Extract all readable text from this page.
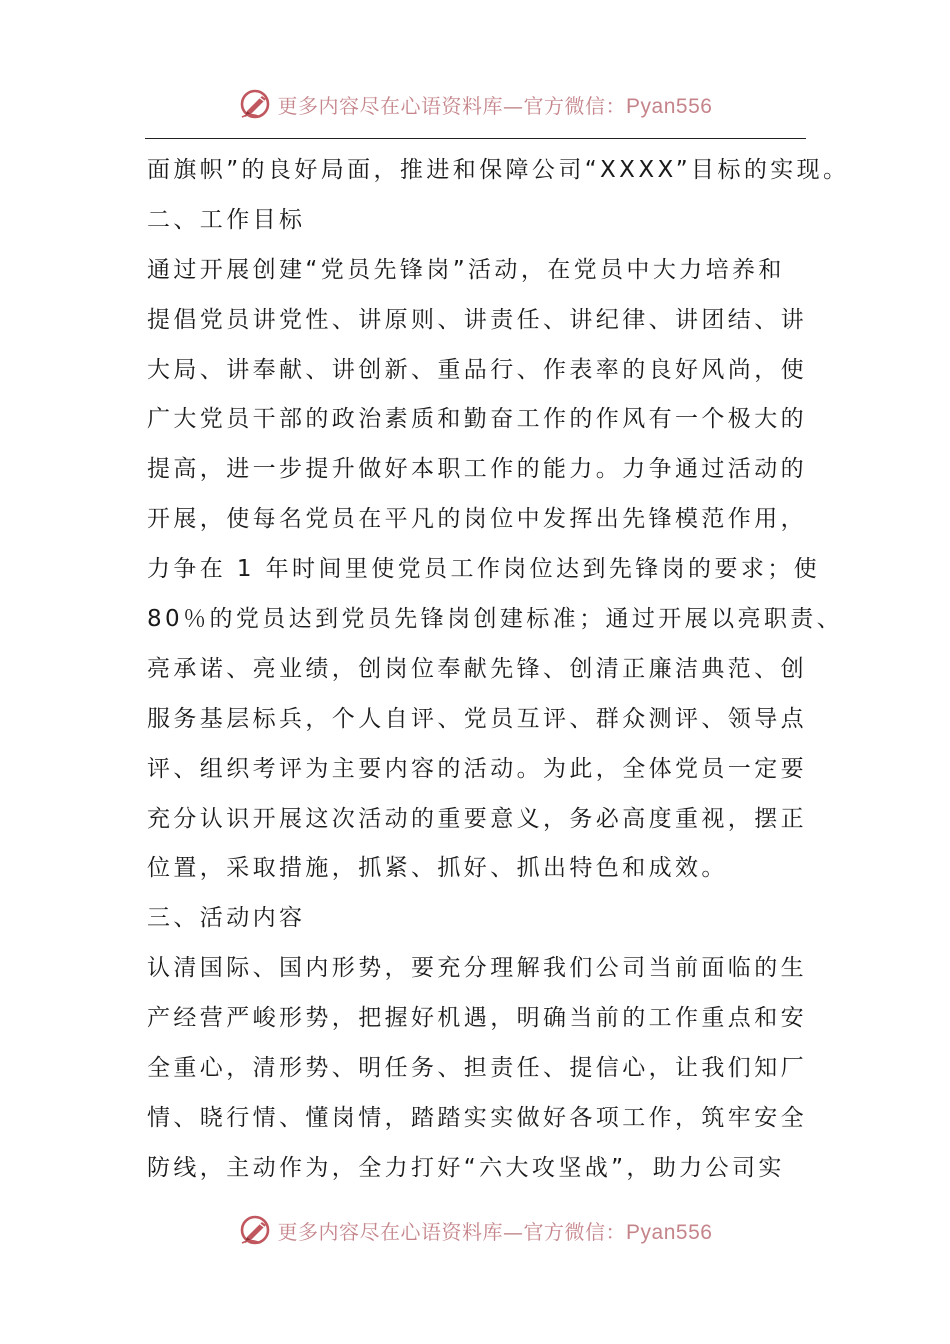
更多内容尽在心语资料库—官方微信：Pyan556
面旗帜”的良好局面，推进和保障公司“XXXX”目标的实现。
二、工作目标
通过开展创建“党员先锋岗”活动，在党员中大力培养和
提倡党员讲党性、讲原则、讲责任、讲纪律、讲团结、讲
大局、讲奉献、讲创新、重品行、作表率的良好风尚，使
广大党员干部的政治素质和勤奋工作的作风有一个极大的
提高，进一步提升做好本职工作的能力。力争通过活动的
开展，使每名党员在平凡的岗位中发挥出先锋模范作用，
力争在 1 年时间里使党员工作岗位达到先锋岗的要求；使
80％的党员达到党员先锋岗创建标准；通过开展以亮职责、
亮承诺、亮业绩，创岗位奉献先锋、创清正廉洁典范、创
服务基层标兵，个人自评、党员互评、群众测评、领导点
评、组织考评为主要内容的活动。为此，全体党员一定要
充分认识开展这次活动的重要意义，务必高度重视，摆正
位置，采取措施，抓紧、抓好、抓出特色和成效。
三、活动内容
认清国际、国内形势，要充分理解我们公司当前面临的生
产经营严峻形势，把握好机遇，明确当前的工作重点和安
全重心，清形势、明任务、担责任、提信心，让我们知厂
情、晓行情、懂岗情，踏踏实实做好各项工作，筑牢安全
防线，主动作为，全力打好“六大攻坚战”，助力公司实
更多内容尽在心语资料库—官方微信：Pyan556
